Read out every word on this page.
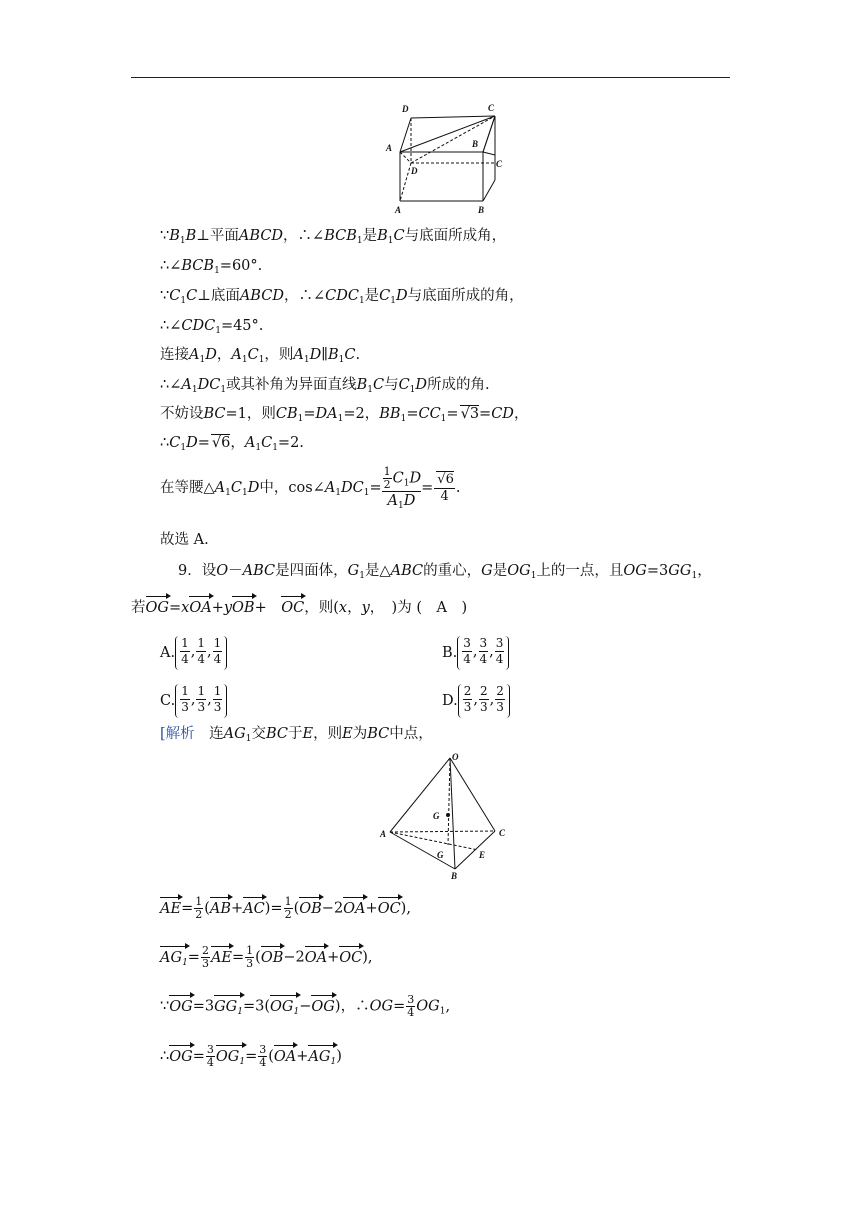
D	C
A	B
C
D
A	B
$\because B_1B\perp$平面ABCD，$\therefore\angle BCB_1$是$B_1C$与底面所成角，
$\therefore\angle BCB_1=60^\circ$.
$\because C_1C\perp$底面ABCD，$\therefore\angle CDC_1$是$C_1D$与底面所成的角，
$\therefore\angle CDC_1=45^\circ$.
连接$A_1D$，$A_1C_1$，则$A_1D\parallel B_1C$.
$\therefore\angle A_1DC_1$或其补角为异面直线$B_1C$与$C_1D$所成的角.
不妨设BC=1，则$CB_1=DA_1=2$，$BB_1=CC_1=√$ 3=CD，
$\therefore C_1D=√$ 6，$A_1C_1=2$.
在等腰$\triangle A_1C_1D$中，$\cos\angle A_1DC_1= \frac{\frac{1}{2} C_1D}{A_1D}$ =
√ $\frac{6}{4}$ .
故选 A.
9．设O－ABC是四面体，$G_1$是△ABC的重心，G是$OG_1$上的一点，且$OG=3GG_1$，
若OG=xOA+yOB+　OC，则(x，y，　)为 (　A　)
A. $\frac{1}{4}$ , $\frac{1}{4}$ , $\frac{1}{4}$	B. $\frac{3}{4}$ , $\frac{3}{4}$ , $\frac{3}{4}$
C. $\frac{1}{3}$ , $\frac{1}{3}$ , $\frac{1}{3}$	D. $\frac{2}{3}$ , $\frac{2}{3}$ , $\frac{2}{3}$
[解析　 连$AG_1$交BC于E，则E为BC中点，
O
G
A	C
G	E
B
$AE= \frac{1}{2} (AB+AC)= \frac{1}{2} (OB-2OA+OC)$,
$AG_1= \frac{2}{3} AE= \frac{1}{3} (OB-2OA+OC)$,
$\because OG=3GG_1=3(OG_1-OG)$，∴OG= $\frac{3}{4} OG_1$,
∴OG= $\frac{3}{4} OG_1= \frac{3}{4} (OA+AG_1)$
